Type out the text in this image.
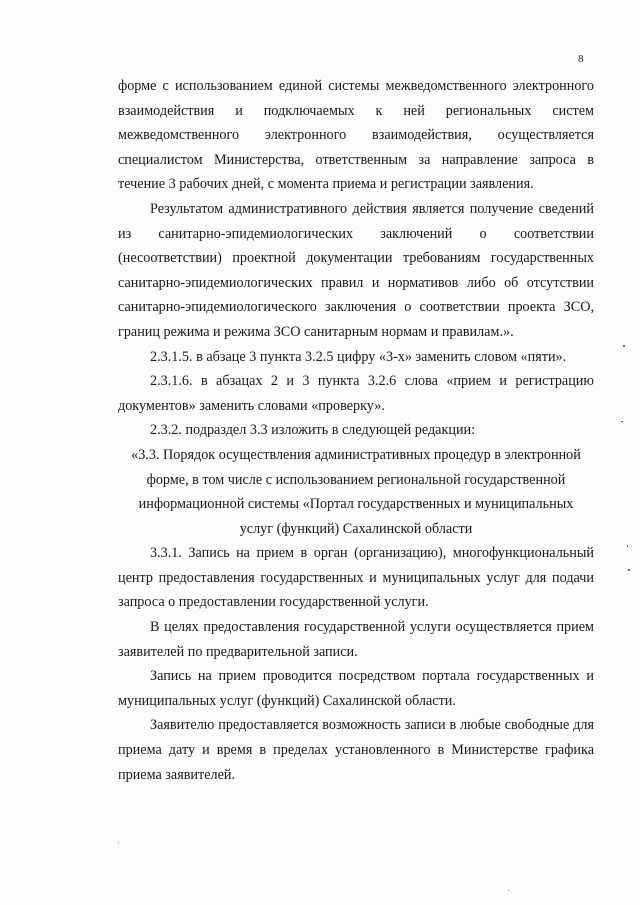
8

форме с использованием единой системы межведомственного электронного взаимодействия и подключаемых к ней региональных систем межведомственного электронного взаимодействия, осуществляется специалистом Министерства, ответственным за направление запроса в течение 3 рабочих дней, с момента приема и регистрации заявления.

Результатом административного действия является получение сведений из санитарно-эпидемиологических заключений о соответствии (несоответствии) проектной документации требованиям государственных санитарно-эпидемиологических правил и нормативов либо об отсутствии санитарно-эпидемиологического заключения о соответствии проекта ЗСО, границ режима и режима ЗСО санитарным нормам и правилам.».

2.3.1.5. в абзаце 3 пункта 3.2.5 цифру «3-х» заменить словом «пяти».

2.3.1.6. в абзацах 2 и 3 пункта 3.2.6 слова «прием и регистрацию документов» заменить словами «проверку».

2.3.2. подраздел 3.3 изложить в следующей редакции:

«3.3. Порядок осуществления административных процедур в электронной

форме, в том числе с использованием региональной государственной

информационной системы «Портал государственных и муниципальных

услуг (функций) Сахалинской области

3.3.1. Запись на прием в орган (организацию), многофункциональный центр предоставления государственных и муниципальных услуг для подачи запроса о предоставлении государственной услуги.

В целях предоставления государственной услуги осуществляется прием заявителей по предварительной записи.

Запись на прием проводится посредством портала государственных и муниципальных услуг (функций) Сахалинской области.

Заявителю предоставляется возможность записи в любые свободные для приема дату и время в пределах установленного в Министерстве графика приема заявителей.
